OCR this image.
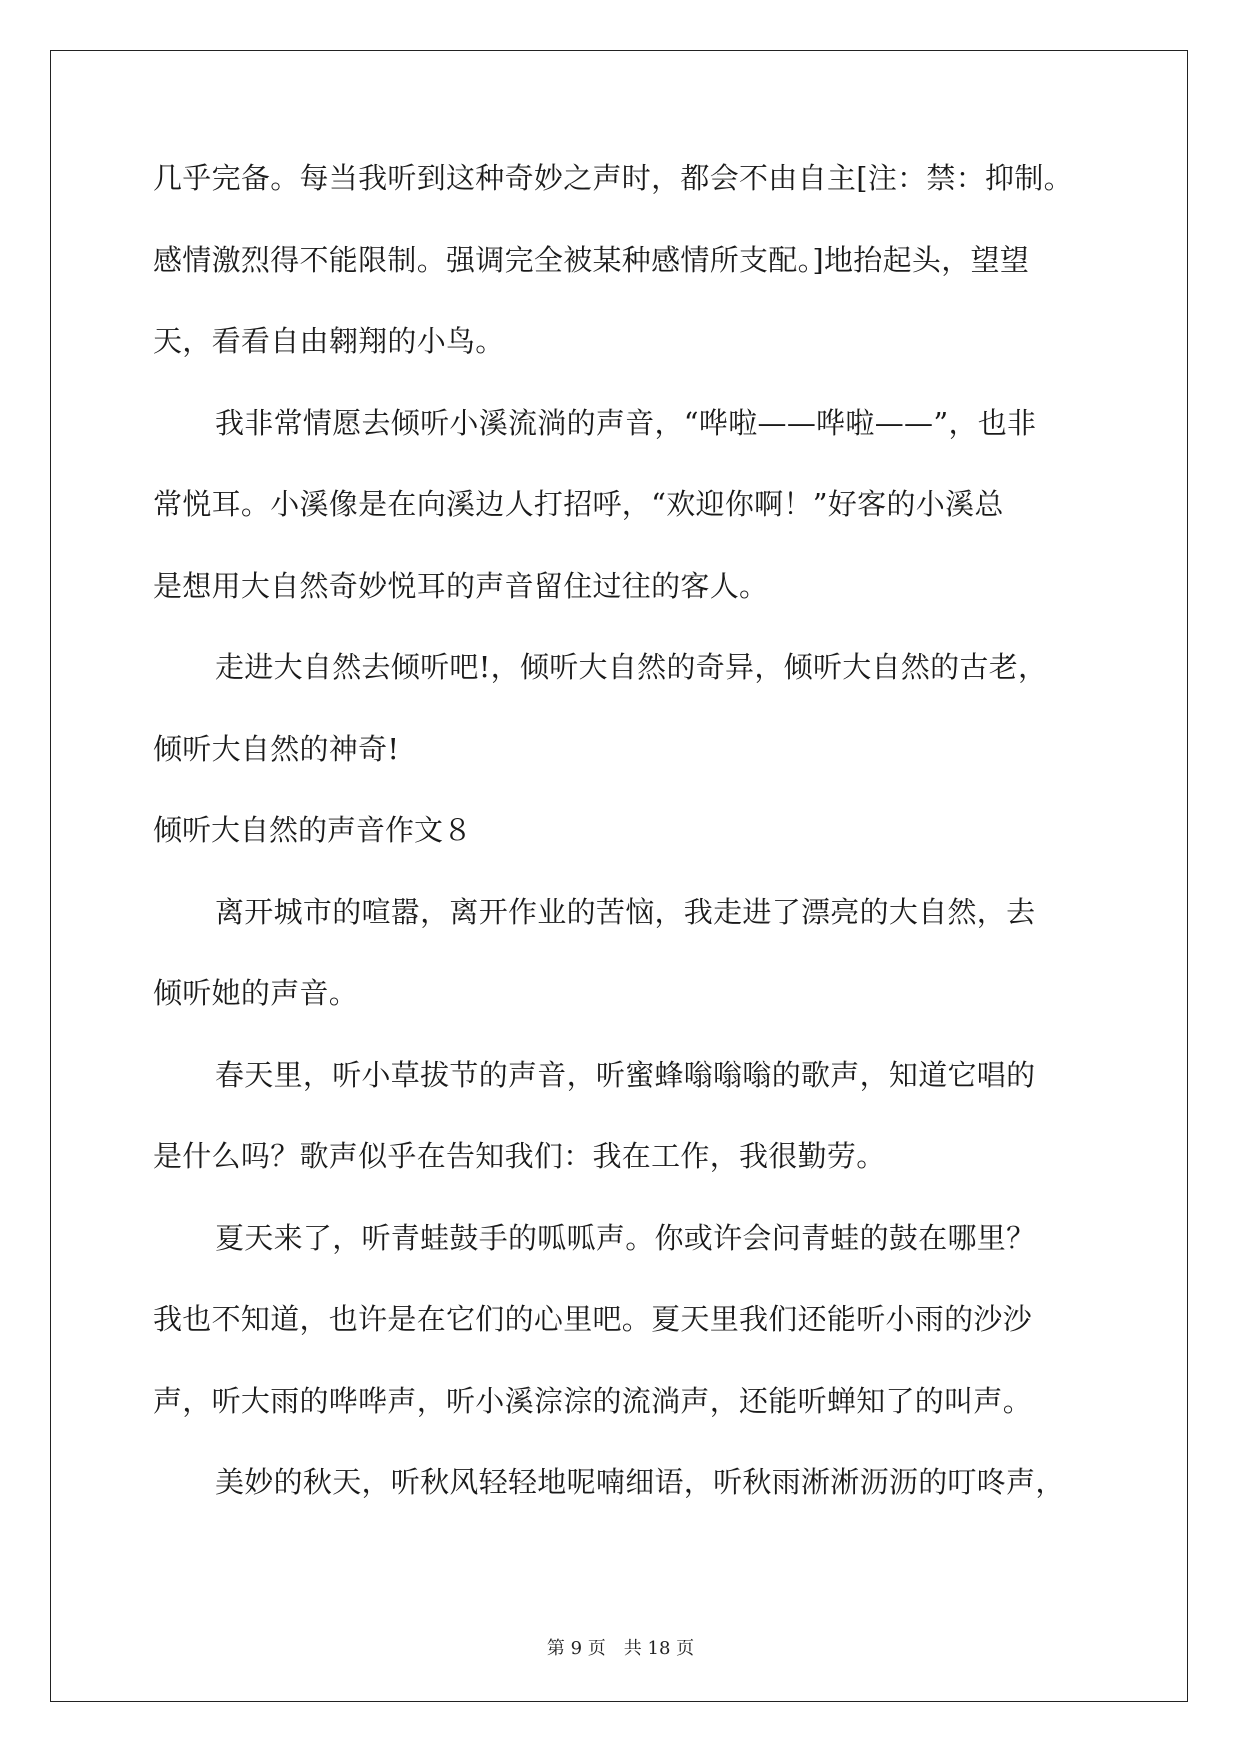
几乎完备。每当我听到这种奇妙之声时，都会不由自主[注：禁：抑制。
感情激烈得不能限制。强调完全被某种感情所支配。]地抬起头，望望
天，看看自由翱翔的小鸟。
我非常情愿去倾听小溪流淌的声音，“哗啦——哗啦——”，也非
常悦耳。小溪像是在向溪边人打招呼，“欢迎你啊！”好客的小溪总
是想用大自然奇妙悦耳的声音留住过往的客人。
走进大自然去倾听吧!，倾听大自然的奇异，倾听大自然的古老，
倾听大自然的神奇!
倾听大自然的声音作文８
离开城市的喧嚣，离开作业的苦恼，我走进了漂亮的大自然，去
倾听她的声音。
春天里，听小草拔节的声音，听蜜蜂嗡嗡嗡的歌声，知道它唱的
是什么吗？歌声似乎在告知我们：我在工作，我很勤劳。
夏天来了，听青蛙鼓手的呱呱声。你或许会问青蛙的鼓在哪里？
我也不知道，也许是在它们的心里吧。夏天里我们还能听小雨的沙沙
声，听大雨的哗哗声，听小溪淙淙的流淌声，还能听蝉知了的叫声。
美妙的秋天，听秋风轻轻地呢喃细语，听秋雨淅淅沥沥的叮咚声，
第 9 页　共 18 页
